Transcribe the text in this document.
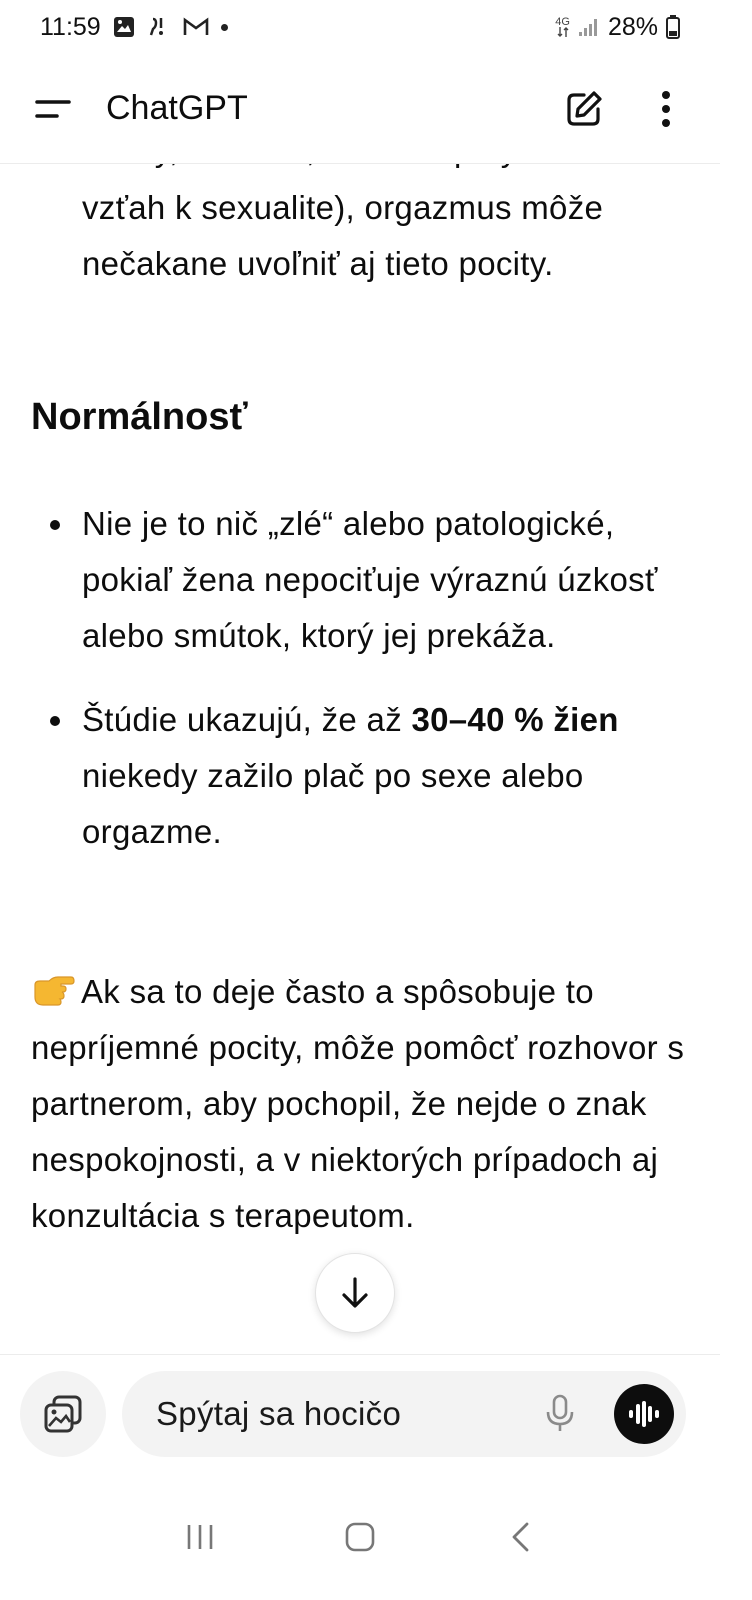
11:59	4G 28%
ChatGPT
vzťah k sexualite), orgazmus môže nečakane uvoľniť aj tieto pocity.
Normálnosť
Nie je to nič „zlé“ alebo patologické, pokiaľ žena nepociťuje výraznú úzkosť alebo smútok, ktorý jej prekáža.
Štúdie ukazujú, že až 30–40 % žien niekedy zažilo plač po sexe alebo orgazme.
Ak sa to deje často a spôsobuje to nepríjemné pocity, môže pomôcť rozhovor s partnerom, aby pochopil, že nejde o znak nespokojnosti, a v niektorých prípadoch aj konzultácia s terapeutom.
Spýtaj sa hocičo
